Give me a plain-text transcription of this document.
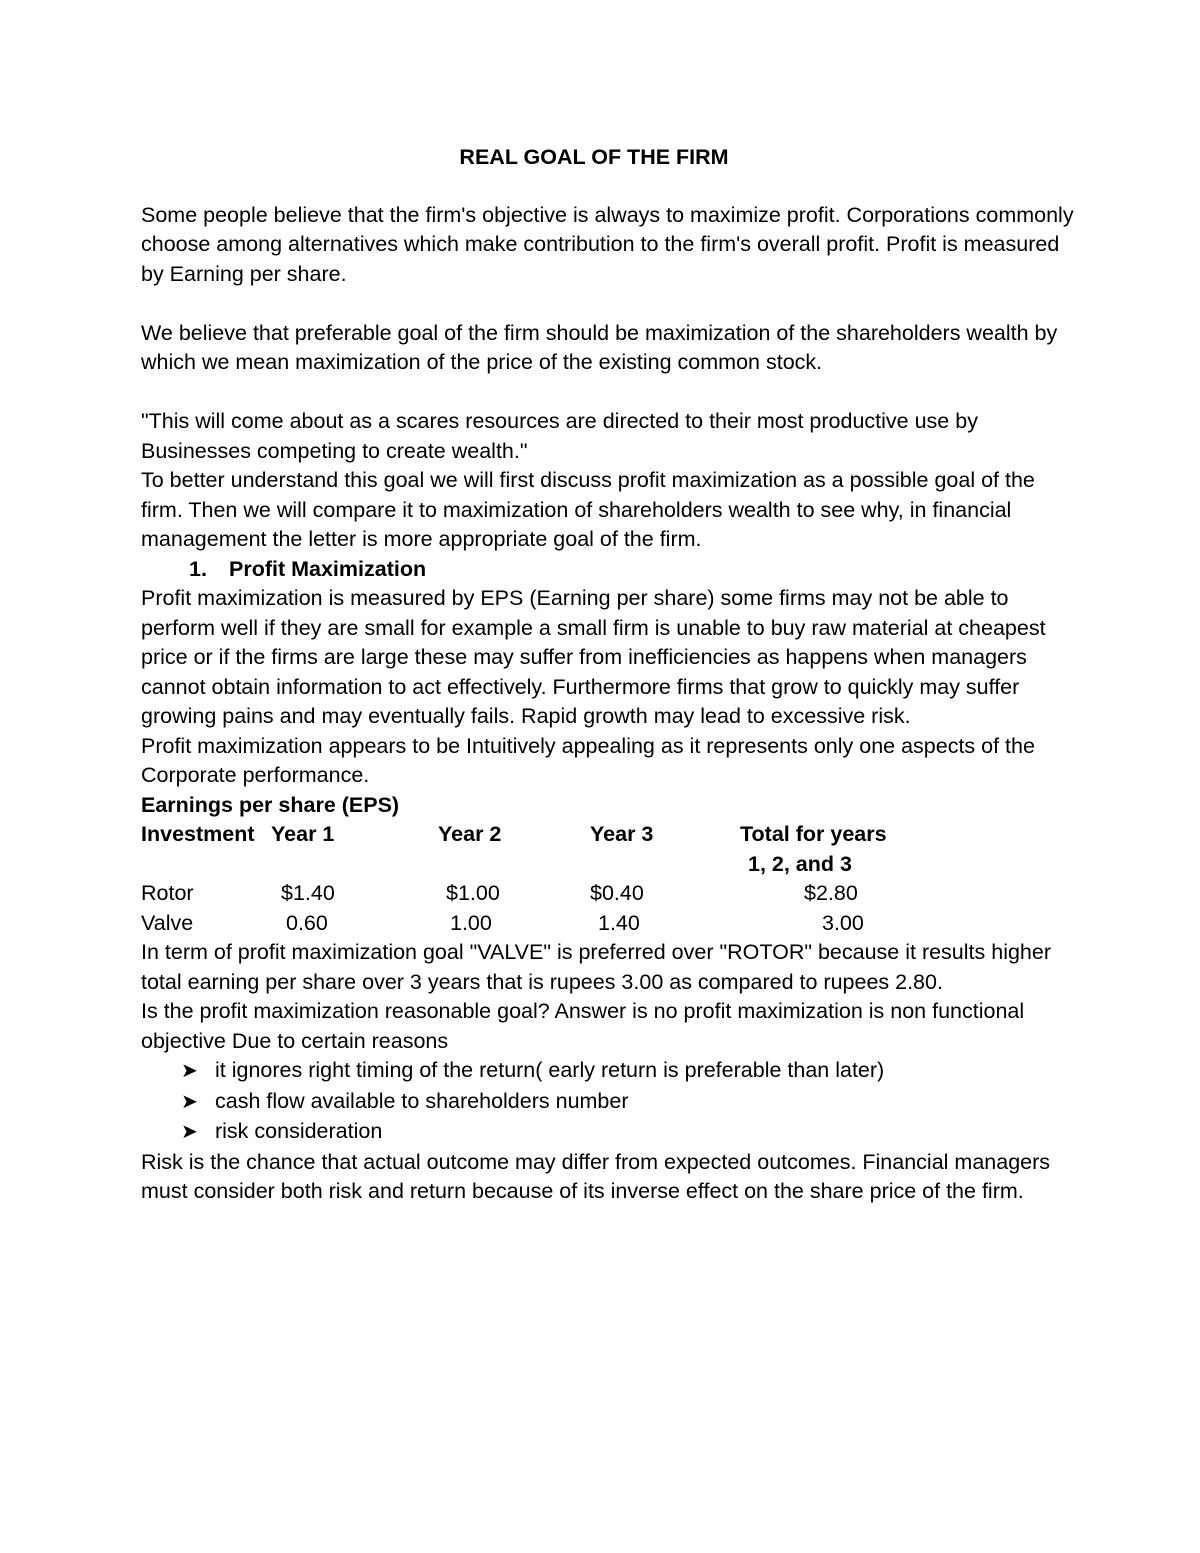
REAL GOAL OF THE FIRM

Some people believe that the firm's objective is always to maximize profit. Corporations commonly choose among alternatives which make contribution to the firm's overall profit. Profit is measured by Earning per share.

We believe that preferable goal of the firm should be maximization of the shareholders wealth by which we mean maximization of the price of the existing common stock.

"This will come about as a scares resources are directed to their most productive use by Businesses competing to create wealth."

To better understand this goal we will first discuss profit maximization as a possible goal of the firm. Then we will compare it to maximization of shareholders wealth to see why, in financial management the letter is more appropriate goal of the firm.

1. Profit Maximization

Profit maximization is measured by EPS (Earning per share) some firms may not be able to perform well if they are small for example a small firm is unable to buy raw material at cheapest price or if the firms are large these may suffer from inefficiencies as happens when managers cannot obtain information to act effectively. Furthermore firms that grow to quickly may suffer growing pains and may eventually fails. Rapid growth may lead to excessive risk.

Profit maximization appears to be Intuitively appealing as it represents only one aspects of the Corporate performance.

Earnings per share (EPS)

Investment	Year 1	Year 2	Year 3	Total for years
				1, 2, and 3
Rotor	$1.40	$1.00	$0.40	$2.80
Valve	0.60	1.00	1.40	3.00

In term of profit maximization goal "VALVE" is preferred over "ROTOR" because it results higher total earning per share over 3 years that is rupees 3.00 as compared to rupees 2.80.

Is the profit maximization reasonable goal? Answer is no profit maximization is non functional objective Due to certain reasons

➤ it ignores right timing of the return( early return is preferable than later)
➤ cash flow available to shareholders number
➤ risk consideration

Risk is the chance that actual outcome may differ from expected outcomes. Financial managers must consider both risk and return because of its inverse effect on the share price of the firm.
